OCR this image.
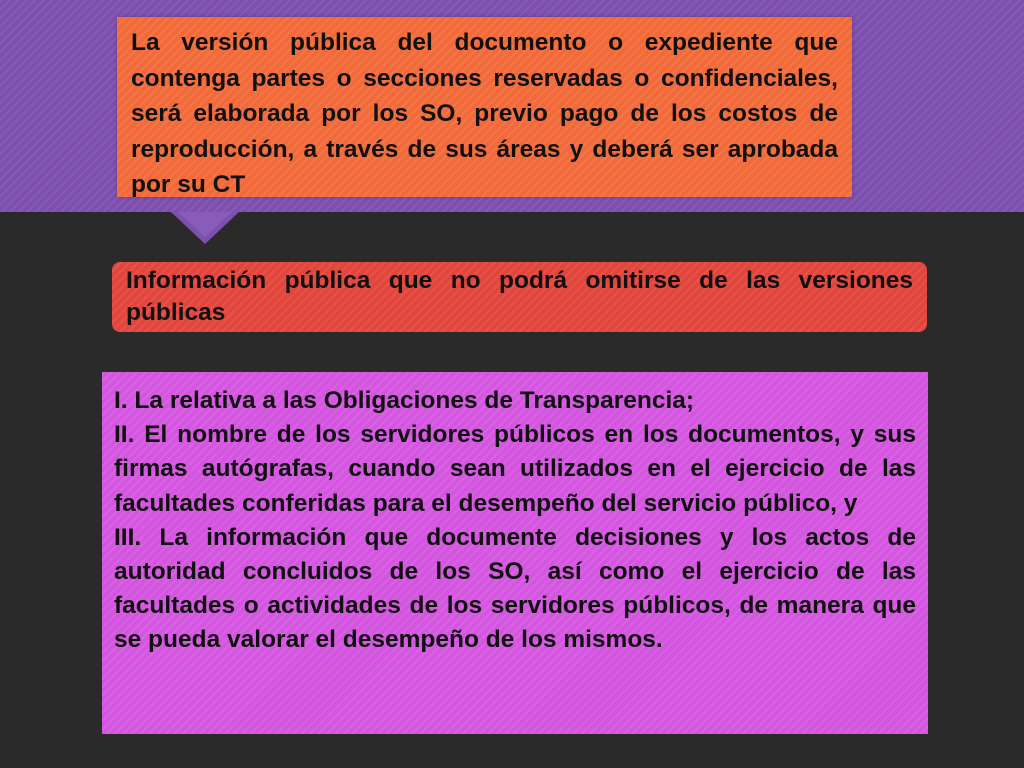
La versión pública del documento o expediente que contenga partes o secciones reservadas o confidenciales, será elaborada por los SO, previo pago de los costos de reproducción, a través de sus áreas y deberá ser aprobada por su CT
Información pública que no podrá omitirse de las versiones públicas
I. La relativa a las Obligaciones de Transparencia;
II. El nombre de los servidores públicos en los documentos, y sus firmas autógrafas, cuando sean utilizados en el ejercicio de las facultades conferidas para el desempeño del servicio público, y
III. La información que documente decisiones y los actos de autoridad concluidos de los SO, así como el ejercicio de las facultades o actividades de los servidores públicos, de manera que se pueda valorar el desempeño de los mismos.
